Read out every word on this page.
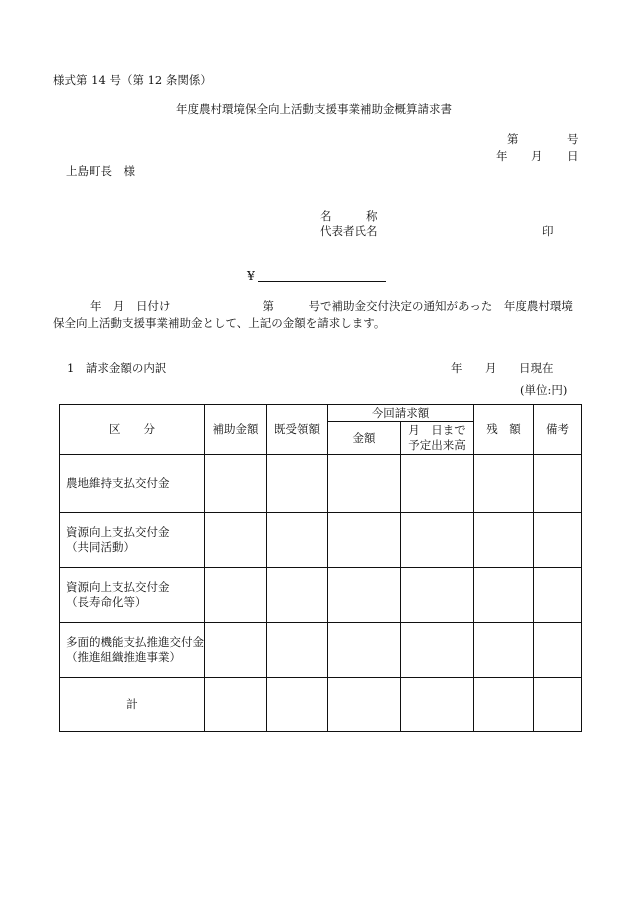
様式第 14 号（第 12 条関係）
年度農村環境保全向上活動支援事業補助金概算請求書
第	号
年 月 日
上島町長　様
名　　　称
代表者氏名	印
¥
年　月　日付け　　　　　　　　第　　　号で補助金交付決定の通知があった　年度農村環境
保全向上活動支援事業補助金として、上記の金額を請求します。
1　請求金額の内訳	年 月 日現在
(単位:円)
区　　分	補助金額	既受領額	今回請求額		残　額	備考
			金額	月　日まで
予定出来高		

農地維持支払交付金						

資源向上支払交付金
（共同活動）						

資源向上支払交付金
（長寿命化等）						

多面的機能支払推進交付金
（推進組織推進事業）						

計						
